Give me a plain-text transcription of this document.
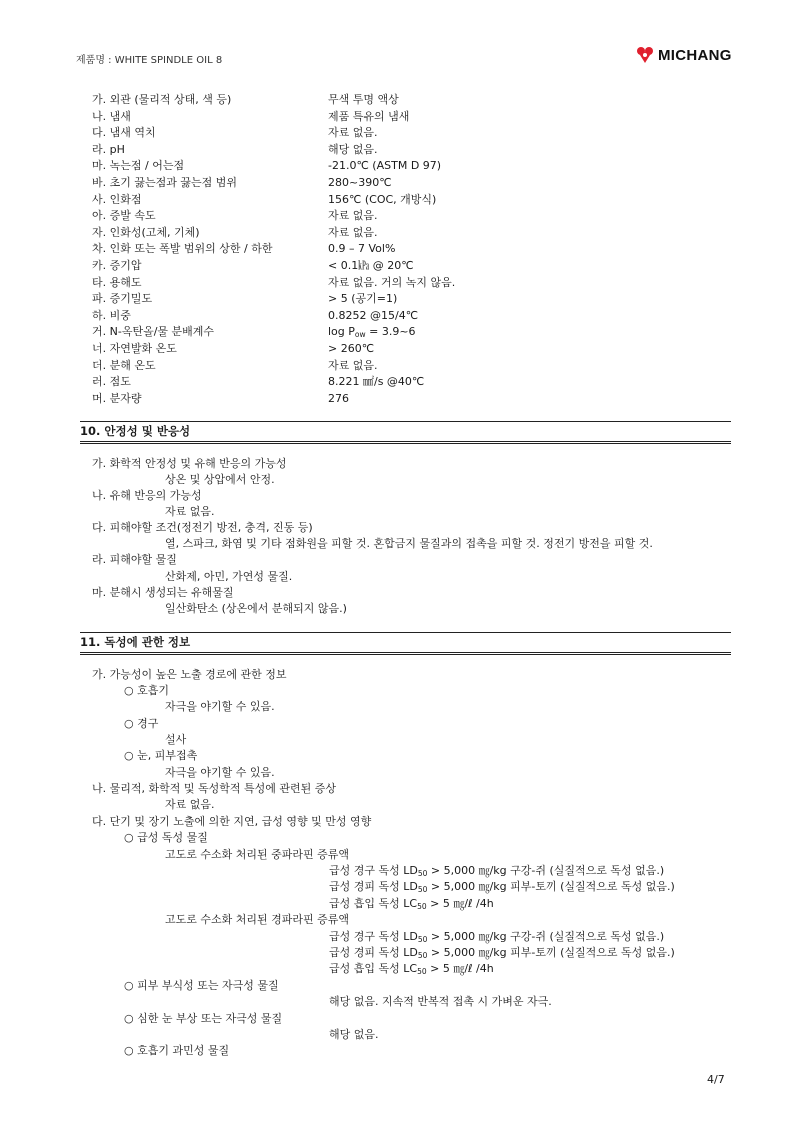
제품명 : WHITE SPINDLE OIL 8	MICHANG
가. 외관 (물리적 상태, 색 등)	무색 투명 액상
나. 냄새	제품 특유의 냄새
다. 냄새 역치	자료 없음.
라. pH	해당 없음.
마. 녹는점 / 어는점	-21.0℃ (ASTM D 97)
바. 초기 끓는점과 끓는점 범위	280~390℃
사. 인화점	156℃ (COC, 개방식)
아. 증발 속도	자료 없음.
자. 인화성(고체, 기체)	자료 없음.
차. 인화 또는 폭발 범위의 상한 / 하한	0.9 – 7 Vol%
카. 증기압	< 0.1㎪ @ 20℃
타. 용해도	자료 없음. 거의 녹지 않음.
파. 증기밀도	> 5 (공기=1)
하. 비중	0.8252 @15/4℃
거. N-옥탄올/물 분배계수	$\log P_{ow}$ = 3.9~6
너. 자연발화 온도	> 260℃
더. 분해 온도	자료 없음.
러. 점도	8.221 ㎟/s @40℃
머. 분자량	276
10. 안정성 및 반응성
가. 화학적 안정성 및 유해 반응의 가능성
상온 및 상압에서 안정.
나. 유해 반응의 가능성
자료 없음.
다. 피해야할 조건(정전기 방전, 충격, 진동 등)
열, 스파크, 화염 및 기타 점화원을 피할 것. 혼합금지 물질과의 접촉을 피할 것. 정전기 방전을 피할 것.
라. 피해야할 물질
산화제, 아민, 가연성 물질.
마. 분해시 생성되는 유해물질
일산화탄소 (상온에서 분해되지 않음.)
11. 독성에 관한 정보
가. 가능성이 높은 노출 경로에 관한 정보
○ 호흡기
자극을 야기할 수 있음.
○ 경구
설사
○ 눈, 피부접촉
자극을 야기할 수 있음.
나. 물리적, 화학적 및 독성학적 특성에 관련된 증상
자료 없음.
다. 단기 및 장기 노출에 의한 지연, 급성 영향 및 만성 영향
○ 급성 독성 물질
고도로 수소화 처리된 중파라핀 증류액
급성 경구 독성 $LD_{50} > 5,000$ ㎎/kg 구강-쥐 (실질적으로 독성 없음.)
급성 경피 독성 $LD_{50} > 5,000$ ㎎/kg 피부-토끼 (실질적으로 독성 없음.)
급성 흡입 독성 $LC_{50} > 5$ ㎎/ℓ /4h
고도로 수소화 처리된 경파라핀 증류액
급성 경구 독성 $LD_{50} > 5,000$ ㎎/kg 구강-쥐 (실질적으로 독성 없음.)
급성 경피 독성 $LD_{50} > 5,000$ ㎎/kg 피부-토끼 (실질적으로 독성 없음.)
급성 흡입 독성 $LC_{50} > 5$ ㎎/ℓ /4h
○ 피부 부식성 또는 자극성 물질
해당 없음. 지속적 반복적 접촉 시 가벼운 자극.
○ 심한 눈 부상 또는 자극성 물질
해당 없음.
○ 호흡기 과민성 물질
4/7
